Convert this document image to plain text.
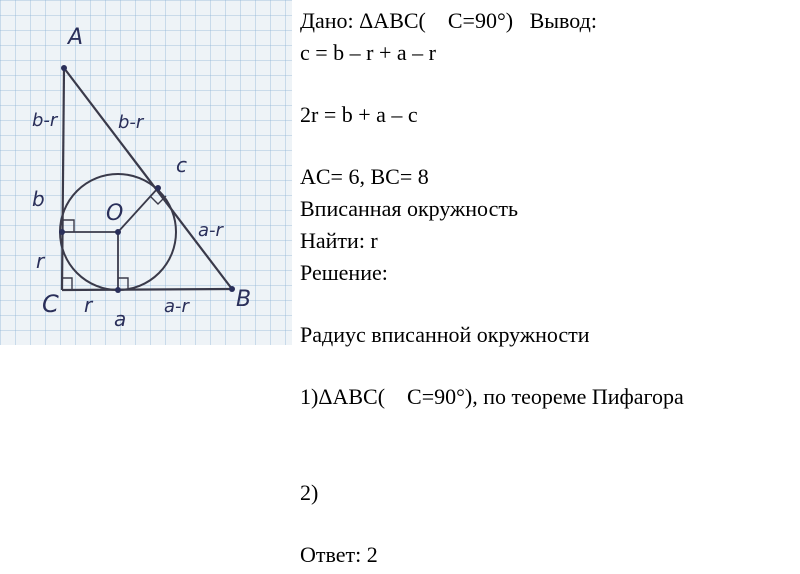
A
B
C
O
c
b-r	b-r
b
r
r
a
a-r
a-r
Дано: ΔABC( C=90°) Вывод:
c = b – r + a – r
2r = b + a – c
AC= 6, BC= 8
Вписанная окружность
Найти: r
Решение:
Радиус вписанной окружности
1)ΔABC( C=90°), по теореме Пифагора
2)
Ответ: 2
